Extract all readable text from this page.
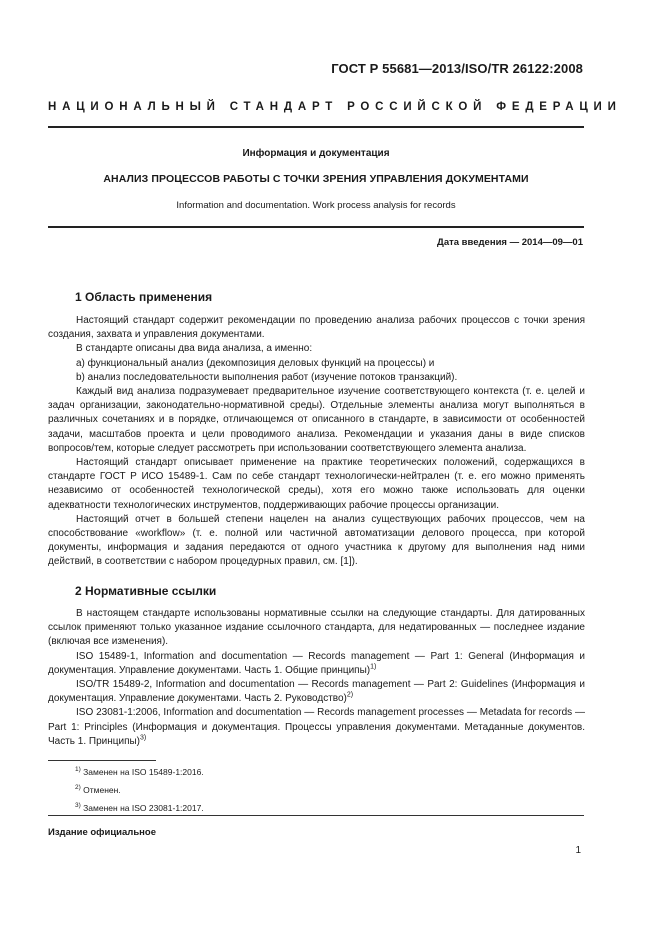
ГОСТ Р 55681—2013/ISO/TR 26122:2008
НАЦИОНАЛЬНЫЙ СТАНДАРТ РОССИЙСКОЙ ФЕДЕРАЦИИ
Информация и документация
АНАЛИЗ ПРОЦЕССОВ РАБОТЫ С ТОЧКИ ЗРЕНИЯ УПРАВЛЕНИЯ ДОКУМЕНТАМИ
Information and documentation. Work process analysis for records
Дата введения — 2014—09—01
1 Область применения

Настоящий стандарт содержит рекомендации по проведению анализа рабочих процессов с точки зрения создания, захвата и управления документами.

В стандарте описаны два вида анализа, а именно:

а) функциональный анализ (декомпозиция деловых функций на процессы) и

b) анализ последовательности выполнения работ (изучение потоков транзакций).

Каждый вид анализа подразумевает предварительное изучение соответствующего контекста (т. е. целей и задач организации, законодательно-нормативной среды). Отдельные элементы анализа могут выполняться в различных сочетаниях и в порядке, отличающемся от описанного в стандарте, в зависимости от особенностей задачи, масштабов проекта и цели проводимого анализа. Рекомендации и указания даны в виде списков вопросов/тем, которые следует рассмотреть при использовании соответствующего элемента анализа.

Настоящий стандарт описывает применение на практике теоретических положений, содержащихся в стандарте ГОСТ Р ИСО 15489-1. Сам по себе стандарт технологически-нейтрален (т. е. его можно применять независимо от особенностей технологической среды), хотя его можно также использовать для оценки адекватности технологических инструментов, поддерживающих рабочие процессы организации.

Настоящий отчет в большей степени нацелен на анализ существующих рабочих процессов, чем на способствование «workflow» (т. е. полной или частичной автоматизации делового процесса, при которой документы, информация и задания передаются от одного участника к другому для выполнения над ними действий, в соответствии с набором процедурных правил, см. [1]).

2 Нормативные ссылки

В настоящем стандарте использованы нормативные ссылки на следующие стандарты. Для датированных ссылок применяют только указанное издание ссылочного стандарта, для недатированных — последнее издание (включая все изменения).

ISO 15489-1, Information and documentation — Records management — Part 1: General (Информация и документация. Управление документами. Часть 1. Общие принципы)$^{1)}$

ISO/TR 15489-2, Information and documentation — Records management — Part 2: Guidelines (Информация и документация. Управление документами. Часть 2. Руководство)$^{2)}$

ISO 23081-1:2006, Information and documentation — Records management processes — Metadata for records — Part 1: Principles (Информация и документация. Процессы управления документами. Метаданные документов. Часть 1. Принципы)$^{3)}$

$^{1)}$ Заменен на ISO 15489-1:2016.
$^{2)}$ Отменен.
$^{3)}$ Заменен на ISO 23081-1:2017.
Издание официальное
1
